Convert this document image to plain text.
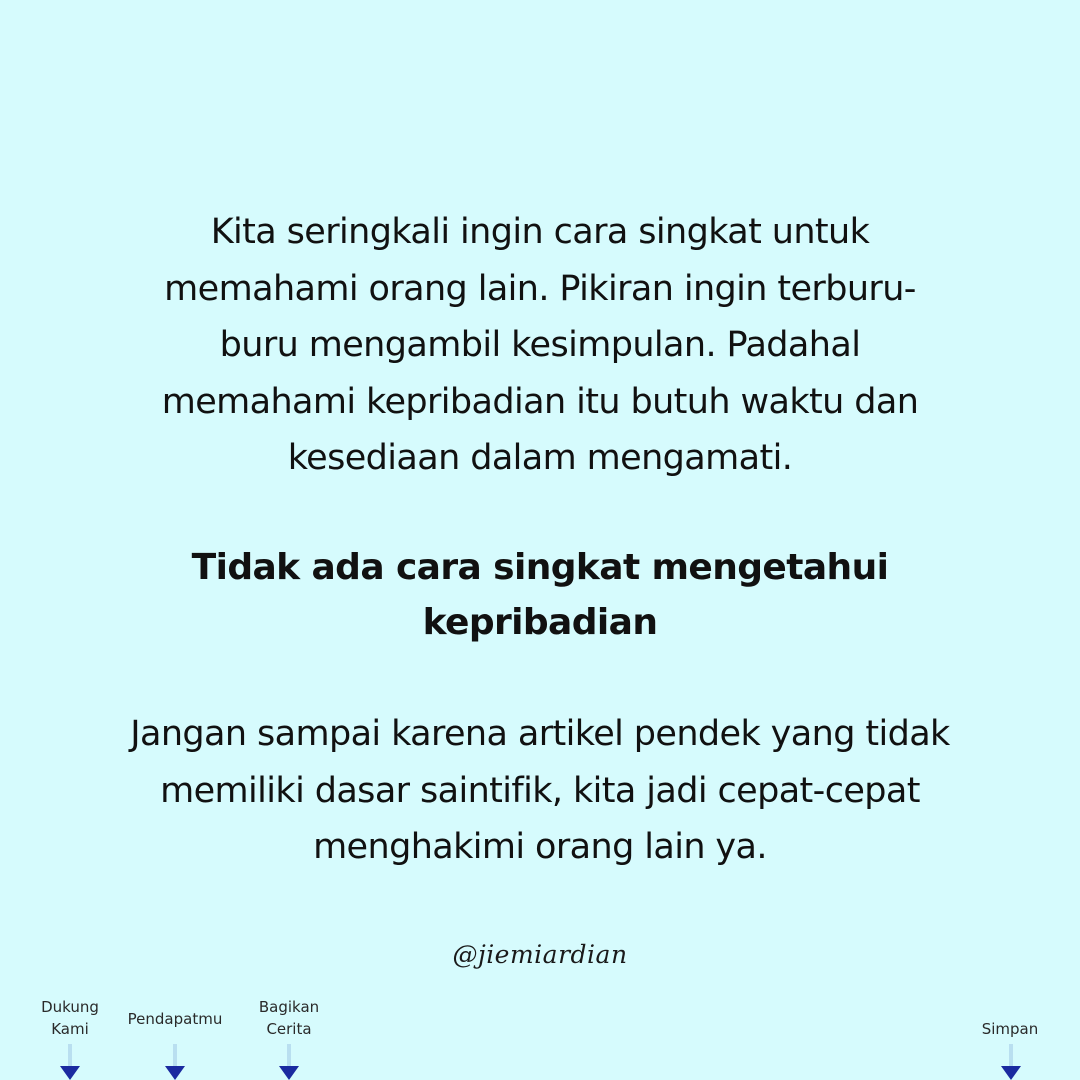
Kita seringkali ingin cara singkat untuk memahami orang lain. Pikiran ingin terburu-buru mengambil kesimpulan. Padahal memahami kepribadian itu butuh waktu dan kesediaan dalam mengamati.

Tidak ada cara singkat mengetahui kepribadian

Jangan sampai karena artikel pendek yang tidak memiliki dasar saintifik, kita jadi cepat-cepat menghakimi orang lain ya.

@jiemiardian
Dukung
Kami
Pendapatmu
Bagikan
Cerita	Simpan
